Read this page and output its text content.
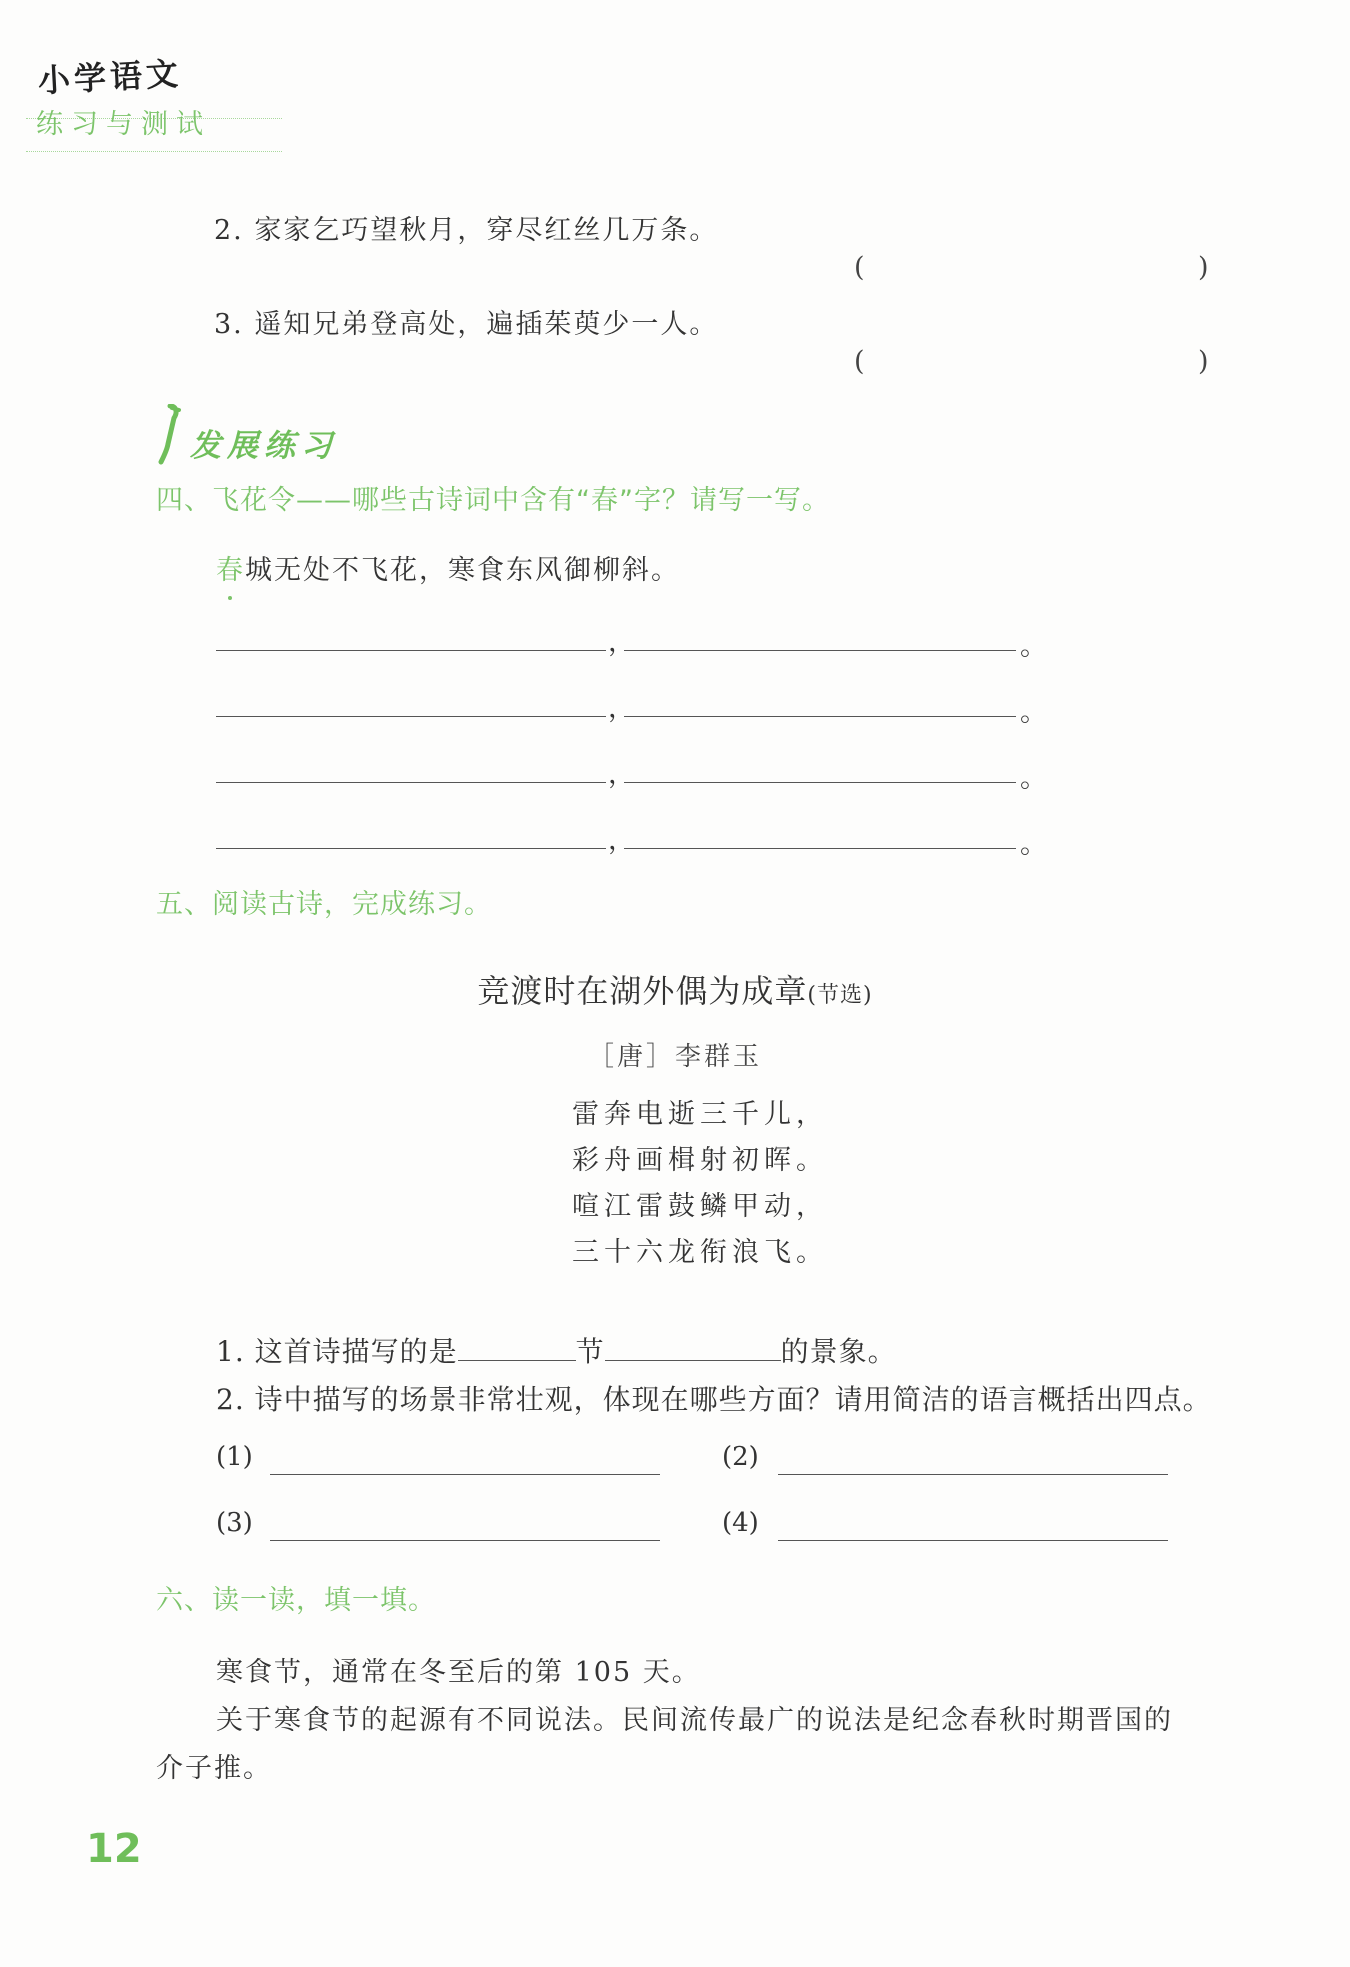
小学语文
练习与测试
2. 家家乞巧望秋月，穿尽红丝几万条。
(	)
3. 遥知兄弟登高处，遍插茱萸少一人。
(	)
发展练习
四、飞花令——哪些古诗词中含有“春”字？请写一写。
春城无处不飞花，寒食东风御柳斜。
，	。
，	。
，	。
，	。
五、阅读古诗，完成练习。
竞渡时在湖外偶为成章(节选)
［唐］李群玉
雷奔电逝三千儿，
彩舟画楫射初晖。
喧江雷鼓鳞甲动，
三十六龙衔浪飞。
1. 这首诗描写的是	节	的景象。
2. 诗中描写的场景非常壮观，体现在哪些方面？请用简洁的语言概括出四点。
(1)	(2)
(3)	(4)
六、读一读，填一填。
寒食节，通常在冬至后的第 105 天。
关于寒食节的起源有不同说法。民间流传最广的说法是纪念春秋时期晋国的
介子推。
12
